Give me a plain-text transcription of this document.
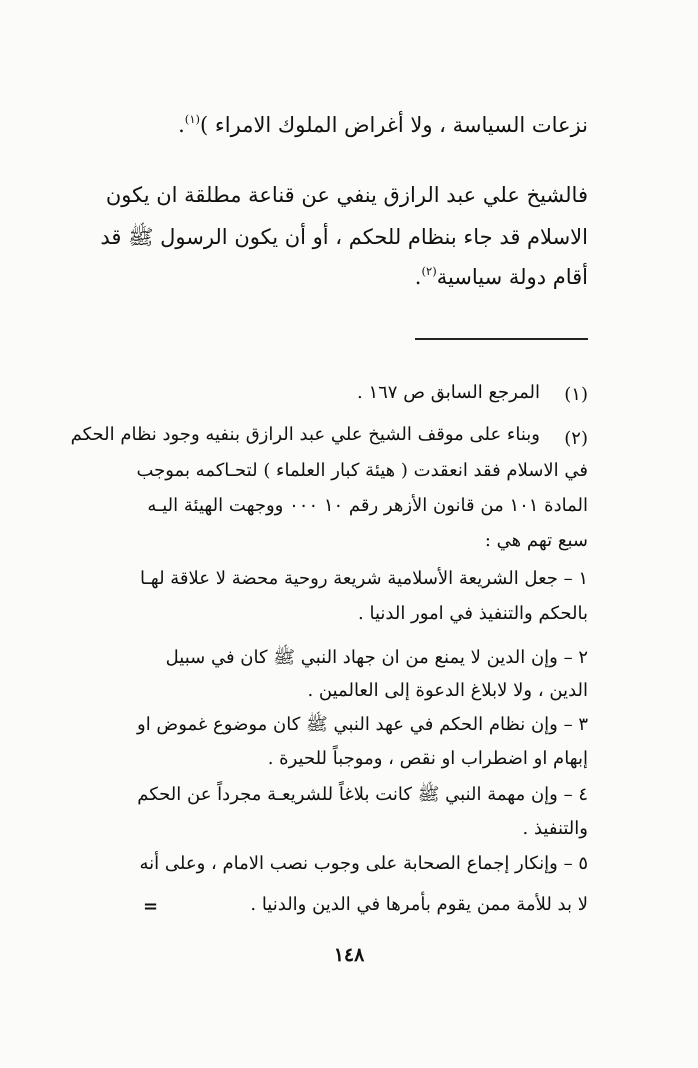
نزعات السياسة ، ولا أغراض الملوك الامراء )$^{(١)}$.
فالشيخ علي عبد الرازق ينفي عن قناعة مطلقة ان يكون
الاسلام قد جاء بنظام للحكم ، أو أن يكون الرسول ﷺ قد
أقام دولة سياسية$^{(٢)}$.
(١)
المرجع السابق ص ١٦٧ .
(٢)
وبناء على موقف الشيخ علي عبد الرازق بنفيه وجود نظام الحكم
في الاسلام فقد انعقدت ( هيئة كبار العلماء ) لتحـاكمه بموجب
المادة ١٠١ من قانون الأزهر رقم ١٠ ٠٠٠ ووجهت الهيئة اليـه
سبع تهم هي :
١ – جعل الشريعة الأسلامية شريعة روحية محضة لا علاقة لهـا
بالحكم والتنفيذ في امور الدنيا .
٢ – وإن الدين لا يمنع من ان جهاد النبي ﷺ كان في سبيل
الدين ، ولا لابلاغ الدعوة إلى العالمين .
٣ – وإن نظام الحكم في عهد النبي ﷺ كان موضوع غموض او
إبهام او اضطراب او نقص ، وموجباً للحيرة .
٤ – وإن مهمة النبي ﷺ كانت بلاغاً للشريعـة مجرداً عن الحكم
والتنفيذ .
٥ – وإنكار إجماع الصحابة على وجوب نصب الامام ، وعلى أنه
لا بد للأمة ممن يقوم بأمرها في الدين والدنيا .
=
١٤٨
